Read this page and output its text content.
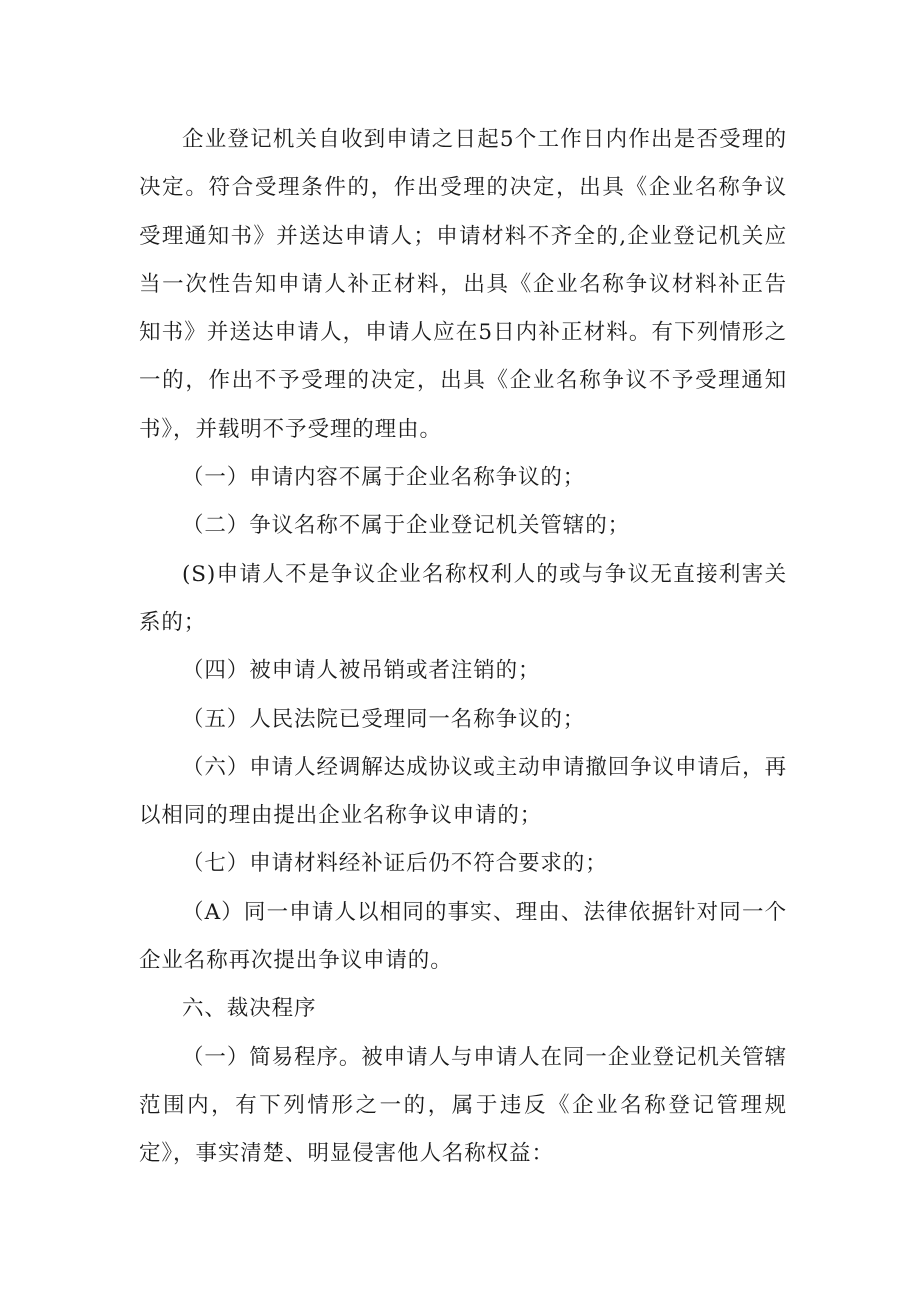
企业登记机关自收到申请之日起5个工作日内作出是否受理的决定。符合受理条件的，作出受理的决定，出具《企业名称争议受理通知书》并送达申请人；申请材料不齐全的,企业登记机关应当一次性告知申请人补正材料，出具《企业名称争议材料补正告知书》并送达申请人，申请人应在5日内补正材料。有下列情形之一的，作出不予受理的决定，出具《企业名称争议不予受理通知书》，并载明不予受理的理由。

（一）申请内容不属于企业名称争议的；

（二）争议名称不属于企业登记机关管辖的；

(S)申请人不是争议企业名称权利人的或与争议无直接利害关系的；

（四）被申请人被吊销或者注销的；

（五）人民法院已受理同一名称争议的；

（六）申请人经调解达成协议或主动申请撤回争议申请后，再以相同的理由提出企业名称争议申请的；

（七）申请材料经补证后仍不符合要求的；

（A）同一申请人以相同的事实、理由、法律依据针对同一个企业名称再次提出争议申请的。

六、裁决程序

（一）简易程序。被申请人与申请人在同一企业登记机关管辖范围内，有下列情形之一的，属于违反《企业名称登记管理规定》，事实清楚、明显侵害他人名称权益：
